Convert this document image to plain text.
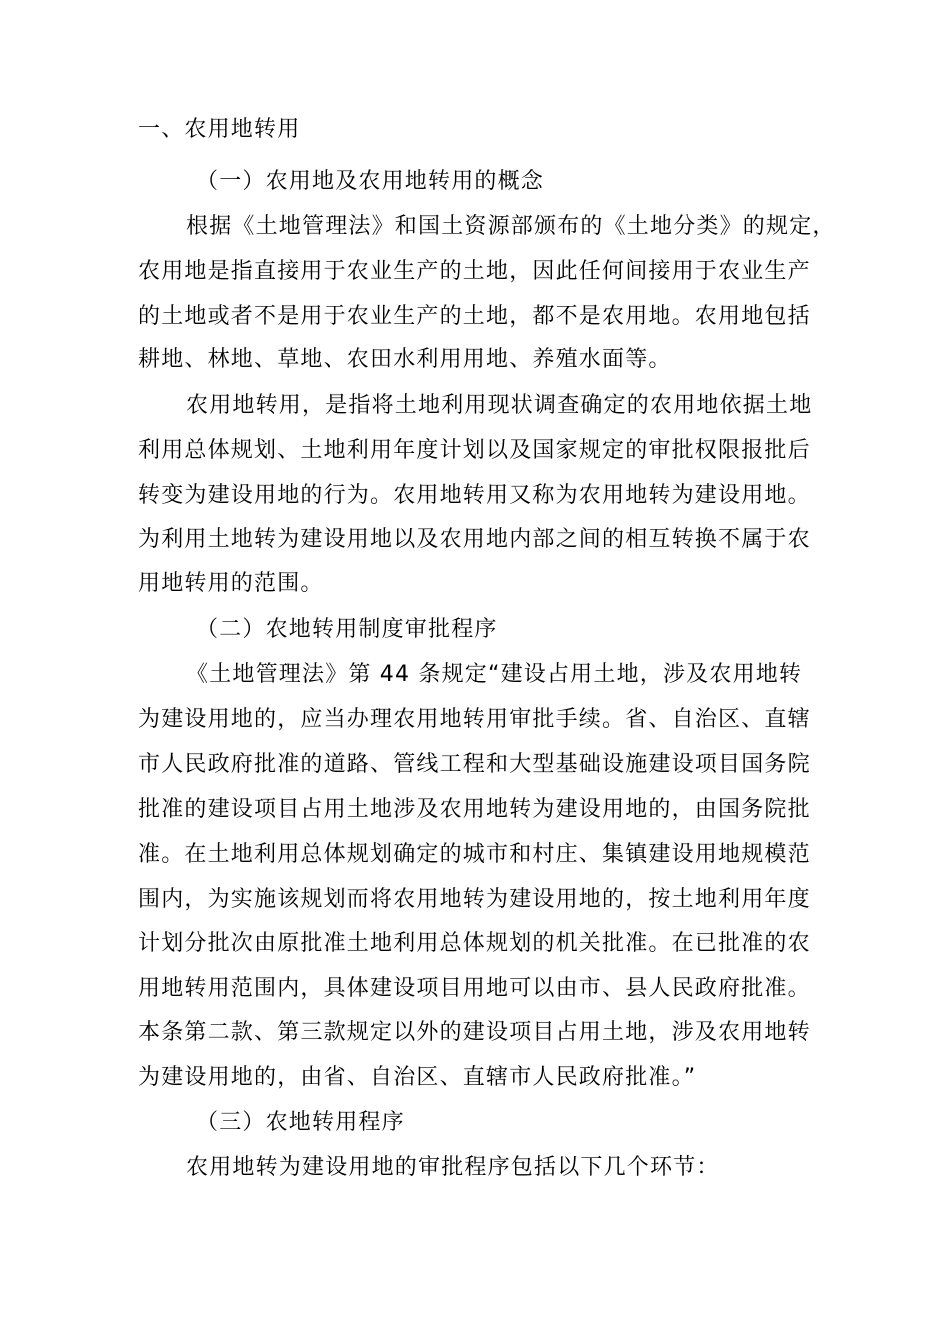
一、农用地转用
（一）农用地及农用地转用的概念
根据《土地管理法》和国土资源部颁布的《土地分类》的规定，
农用地是指直接用于农业生产的土地，因此任何间接用于农业生产
的土地或者不是用于农业生产的土地，都不是农用地。农用地包括
耕地、林地、草地、农田水利用用地、养殖水面等。
农用地转用，是指将土地利用现状调查确定的农用地依据土地
利用总体规划、土地利用年度计划以及国家规定的审批权限报批后
转变为建设用地的行为。农用地转用又称为农用地转为建设用地。
为利用土地转为建设用地以及农用地内部之间的相互转换不属于农
用地转用的范围。
（二）农地转用制度审批程序
《土地管理法》第 44 条规定“建设占用土地，涉及农用地转
为建设用地的，应当办理农用地转用审批手续。省、自治区、直辖
市人民政府批准的道路、管线工程和大型基础设施建设项目国务院
批准的建设项目占用土地涉及农用地转为建设用地的，由国务院批
准。在土地利用总体规划确定的城市和村庄、集镇建设用地规模范
围内，为实施该规划而将农用地转为建设用地的，按土地利用年度
计划分批次由原批准土地利用总体规划的机关批准。在已批准的农
用地转用范围内，具体建设项目用地可以由市、县人民政府批准。
本条第二款、第三款规定以外的建设项目占用土地，涉及农用地转
为建设用地的，由省、自治区、直辖市人民政府批准。”
（三）农地转用程序
农用地转为建设用地的审批程序包括以下几个环节：
